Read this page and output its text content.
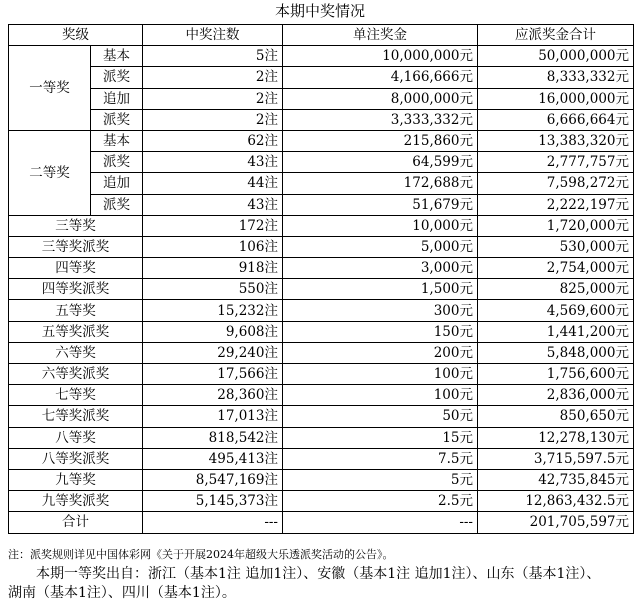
本期中奖情况
奖级		中奖注数	单注奖金	应派奖金合计
一等奖	基本	5注	10,000,000元	50,000,000元
	派奖	2注	4,166,666元	8,333,332元
	追加	2注	8,000,000元	16,000,000元
	派奖	2注	3,333,332元	6,666,664元
二等奖	基本	62注	215,860元	13,383,320元
	派奖	43注	64,599元	2,777,757元
	追加	44注	172,688元	7,598,272元
	派奖	43注	51,679元	2,222,197元
三等奖		172注	10,000元	1,720,000元
三等奖派奖		106注	5,000元	530,000元
四等奖		918注	3,000元	2,754,000元
四等奖派奖		550注	1,500元	825,000元
五等奖		15,232注	300元	4,569,600元
五等奖派奖		9,608注	150元	1,441,200元
六等奖		29,240注	200元	5,848,000元
六等奖派奖		17,566注	100元	1,756,600元
七等奖		28,360注	100元	2,836,000元
七等奖派奖		17,013注	50元	850,650元
八等奖		818,542注	15元	12,278,130元
八等奖派奖		495,413注	7.5元	3,715,597.5元
九等奖		8,547,169注	5元	42,735,845元
九等奖派奖		5,145,373注	2.5元	12,863,432.5元
合计		---	---	201,705,597元
注：派奖规则详见中国体彩网《关于开展2024年超级大乐透派奖活动的公告》。
本期一等奖出自：浙江（基本1注 追加1注）、安徽（基本1注 追加1注）、山东（基本1注）、
湖南（基本1注）、四川（基本1注）。
